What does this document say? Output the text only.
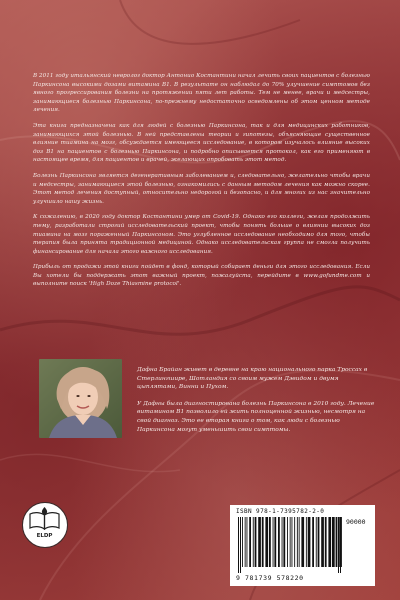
В 2011 году итальянский невролог доктор Антонио Костантини начал лечить своих пациентов с болезнью Паркинсона высокими дозами витамина В1. В результате он наблюдал до 70% улучшение симптомов без явного прогрессирования болезни на протяжении пяти лет работы. Тем не менее, врачи и медсестры, занимающиеся болезнью Паркинсона, по-прежнему недостаточно осведомлены об этом ценном методе лечения.

Эта книга предназначена как для людей с болезнью Паркинсона, так и для медицинских работников, занимающихся этой болезнью. В ней представлены теории и гипотезы, объясняющие существенное влияние тиамина на мозг, обсуждается имеющееся исследование, в котором изучалось влияние высоких доз В1 на пациентов с болезнью Паркинсона, и подробно описывается протокол, как его применяют в настоящее время, для пациентов и врачей, желающих опробовать этот метод.

Болезнь Паркинсона является дегенеративным заболеванием и, следовательно, желательно чтобы врачи и медсестры, занимающиеся этой болезнью, ознакомились с данным методом лечения как можно скорее. Этот метод лечения доступный, относительно недорогой и безопасно, и для многих из нас значительно улучшило нашу жизнь.

К сожалению, в 2020 году доктор Костантини умер от Covid-19. Однако его коллеги, желая продолжить тему, разработали строгий исследовательский проект, чтобы понять больше о влиянии высоких доз тиамина на мозг пораженный Паркинсоном. Это углубленное исследование необходимо для того, чтобы терапия была принята традиционной медициной. Однако исследовательская группа не смогла получить финансирование для начала этого важного исследования.

Прибыль от продажи этой книги пойдет в фонд, который собирает деньги для этого исследования. Если Вы хотели бы поддержать этот важный проект, пожалуйста, перейдите в www.gofundme.com и выполните поиск 'High Doze Thiasmine protocol'.

Дафна Брайан живет в деревне на краю национального парка Троссах в Стерлингшире, Шотландия со своим мужем Дэвидом и двумя цыплятами, Винни и Пухом.

У Дафны была диагностирована болезнь Паркинсона в 2010 году. Лечение витамином В1 позволило ей жить полноценной жизнью, несмотря на свой диагноз. Это ее вторая книга о том, как люди с болезнью Паркинсона могут уменьшить свои симптомы.

ELDP
ISBN 978-1-7395782-2-0
90000
9 781739 578220
